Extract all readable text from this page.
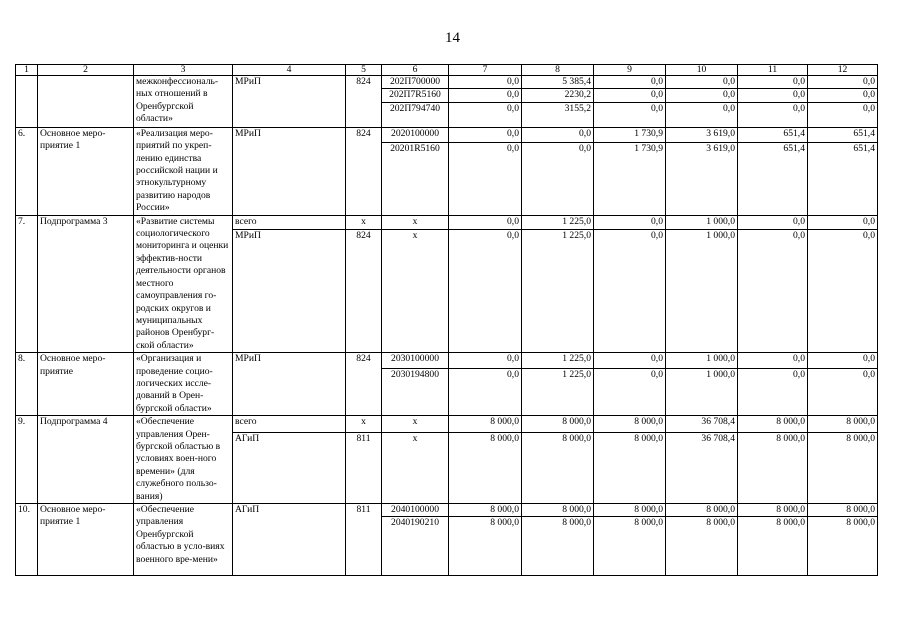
14
1	2	3	4	5	6	7	8	9	10	11	12
		межконфессиональ-ных отношений в Оренбургской области»	МРиП	824	202П700000	0,0	5 385,4	0,0	0,0	0,0	0,0
					202П7R5160	0,0	2230,2	0,0	0,0	0,0	0,0
					202П794740	0,0	3155,2	0,0	0,0	0,0	0,0
6.	Основное меро-приятие 1	«Реализация меро-приятий по укреп-лению единства российской нации и этнокультурному развитию народов России»	МРиП	824	2020100000	0,0	0,0	1 730,9	3 619,0	651,4	651,4
					20201R5160	0,0	0,0	1 730,9	3 619,0	651,4	651,4
7.	Подпрограмма 3	«Развитие системы социологического мониторинга и оценки эффектив-ности деятельности органов местного самоуправления го-родских округов и муниципальных районов Оренбург-ской области»	всего	x	x	0,0	1 225,0	0,0	1 000,0	0,0	0,0
			МРиП	824	x	0,0	1 225,0	0,0	1 000,0	0,0	0,0
8.	Основное меро-приятие	«Организация и проведение социо-логических иссле-дований в Орен-бургской области»	МРиП	824	2030100000	0,0	1 225,0	0,0	1 000,0	0,0	0,0
					2030194800	0,0	1 225,0	0,0	1 000,0	0,0	0,0
9.	Подпрограмма 4	«Обеспечение управления Орен-бургской областью в условиях воен-ного времени» (для служебного пользо-вания)	всего	x	x	8 000,0	8 000,0	8 000,0	36 708,4	8 000,0	8 000,0
			АГиП	811	x	8 000,0	8 000,0	8 000,0	36 708,4	8 000,0	8 000,0
10.	Основное меро-приятие 1	«Обеспечение управления Оренбургской областью в усло-виях военного вре-мени»	АГиП	811	2040100000	8 000,0	8 000,0	8 000,0	8 000,0	8 000,0	8 000,0
					2040190210	8 000,0	8 000,0	8 000,0	8 000,0	8 000,0	8 000,0
